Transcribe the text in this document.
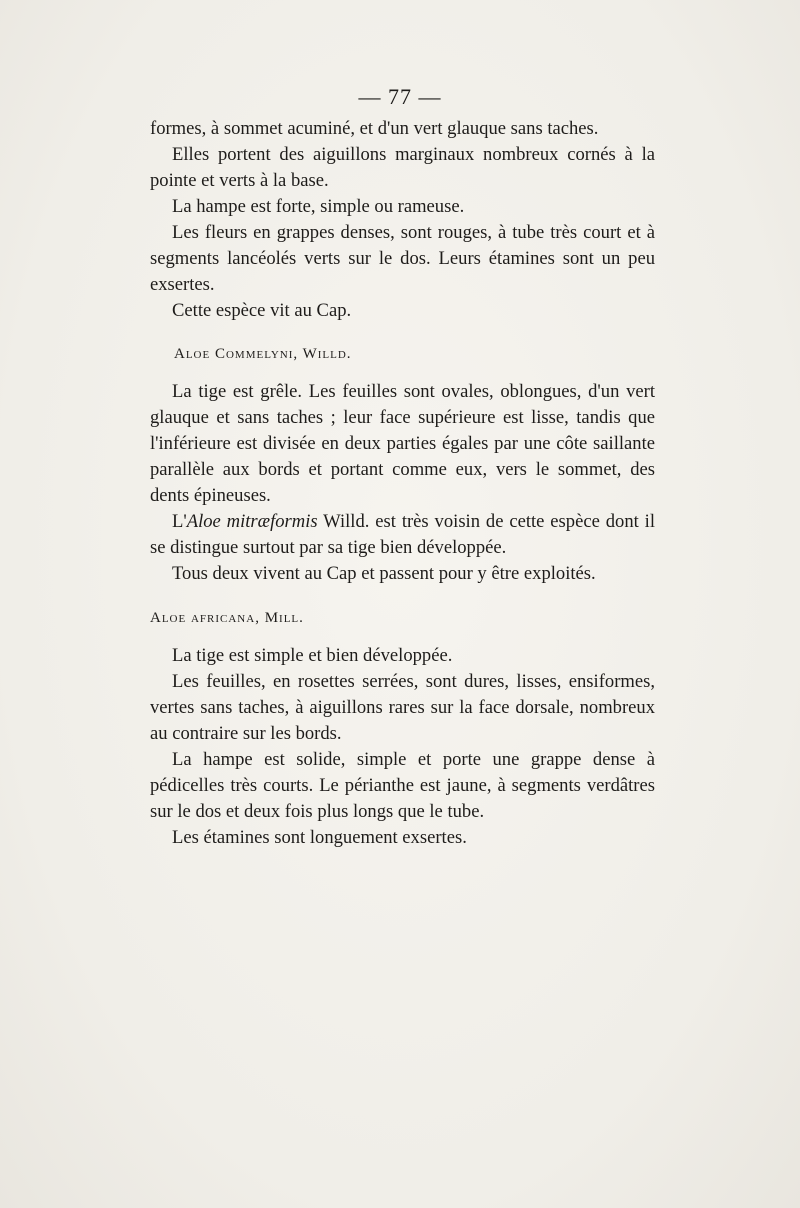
— 77 —

formes, à sommet acuminé, et d'un vert glauque sans taches.

Elles portent des aiguillons marginaux nombreux cornés à la pointe et verts à la base.

La hampe est forte, simple ou rameuse.

Les fleurs en grappes denses, sont rouges, à tube très court et à segments lancéolés verts sur le dos. Leurs étamines sont un peu exsertes.

Cette espèce vit au Cap.

Aloe Commelyni, Willd.

La tige est grêle. Les feuilles sont ovales, oblongues, d'un vert glauque et sans taches ; leur face supérieure est lisse, tandis que l'inférieure est divisée en deux parties égales par une côte saillante parallèle aux bords et portant comme eux, vers le sommet, des dents épineuses.

L'Aloe mitræformis Willd. est très voisin de cette espèce dont il se distingue surtout par sa tige bien développée.

Tous deux vivent au Cap et passent pour y être exploités.

Aloe africana, Mill.

La tige est simple et bien développée.

Les feuilles, en rosettes serrées, sont dures, lisses, ensiformes, vertes sans taches, à aiguillons rares sur la face dorsale, nombreux au contraire sur les bords.

La hampe est solide, simple et porte une grappe dense à pédicelles très courts. Le périanthe est jaune, à segments verdâtres sur le dos et deux fois plus longs que le tube.

Les étamines sont longuement exsertes.
